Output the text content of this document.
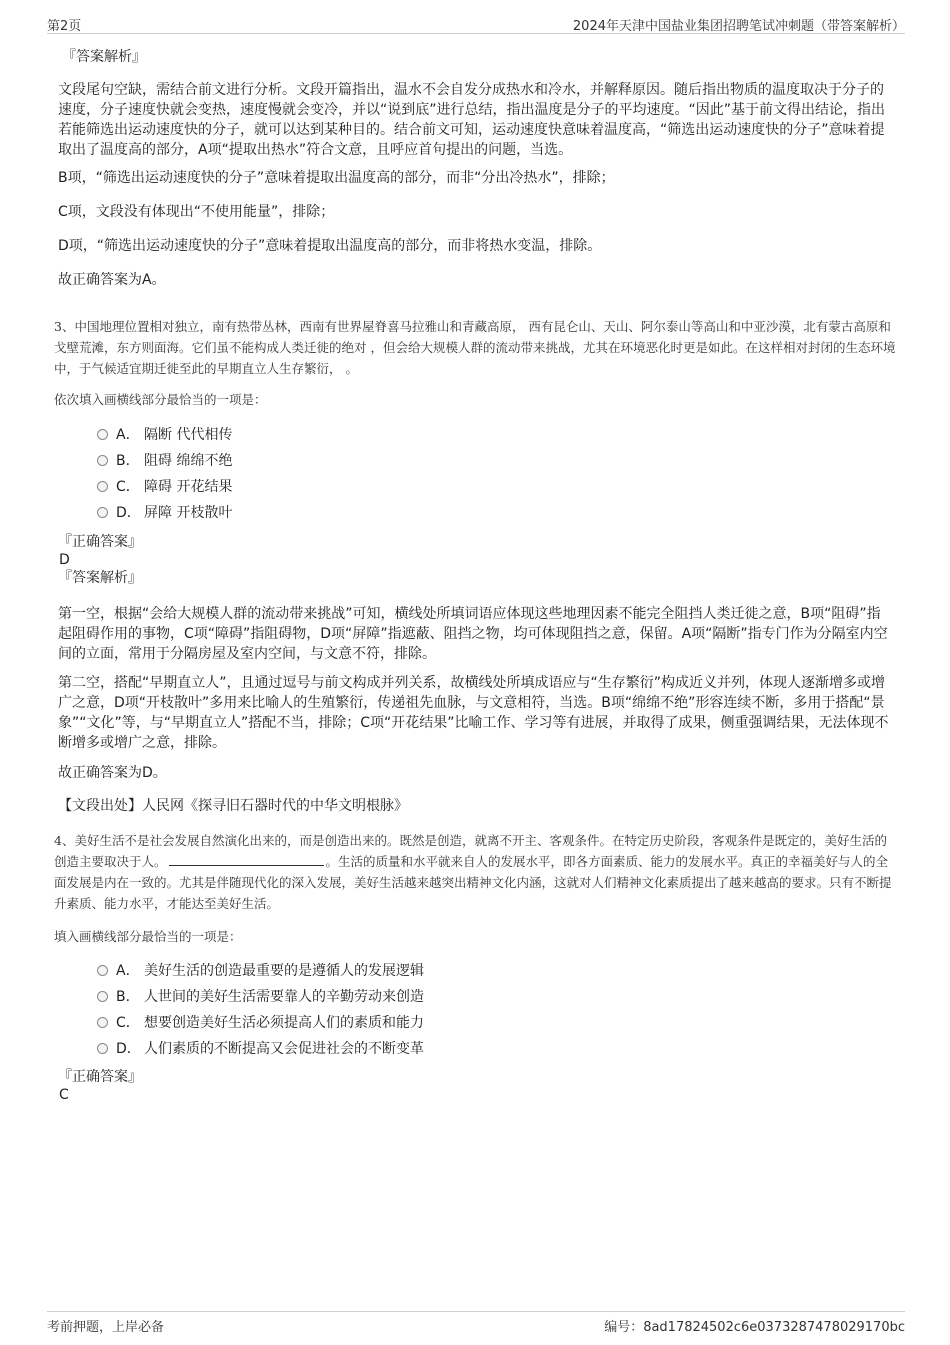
第2页	2024年天津中国盐业集团招聘笔试冲刺题（带答案解析）
『答案解析』

文段尾句空缺，需结合前文进行分析。文段开篇指出，温水不会自发分成热水和冷水，并解释原因。随后指出物质的温度取决于分子的速度，分子速度快就会变热，速度慢就会变冷，并以“说到底”进行总结，指出温度是分子的平均速度。“因此”基于前文得出结论，指出若能筛选出运动速度快的分子，就可以达到某种目的。结合前文可知，运动速度快意味着温度高，“筛选出运动速度快的分子”意味着提取出了温度高的部分，A项“提取出热水”符合文意，且呼应首句提出的问题，当选。

B项，“筛选出运动速度快的分子”意味着提取出温度高的部分，而非“分出冷热水”，排除；

C项，文段没有体现出“不使用能量”，排除；

D项，“筛选出运动速度快的分子”意味着提取出温度高的部分，而非将热水变温，排除。

故正确答案为A。

3、中国地理位置相对独立，南有热带丛林，西南有世界屋脊喜马拉雅山和青藏高原， 西有昆仑山、天山、阿尔泰山等高山和中亚沙漠，北有蒙古高原和戈壁荒滩，东方则面海。它们虽不能构成人类迁徙的绝对 ，但会给大规模人群的流动带来挑战，尤其在环境恶化时更是如此。在这样相对封闭的生态环境中，于气候适宜期迁徙至此的早期直立人生存繁衍， 。

依次填入画横线部分最恰当的一项是：

A． 隔断 代代相传
B． 阻碍 绵绵不绝
C． 障碍 开花结果
D． 屏障 开枝散叶
『正确答案』
D
『答案解析』

第一空，根据“会给大规模人群的流动带来挑战”可知，横线处所填词语应体现这些地理因素不能完全阻挡人类迁徙之意，B项“阻碍”指起阻碍作用的事物，C项“障碍”指阻碍物，D项“屏障”指遮蔽、阻挡之物，均可体现阻挡之意，保留。A项“隔断”指专门作为分隔室内空间的立面，常用于分隔房屋及室内空间，与文意不符，排除。

第二空，搭配“早期直立人”，且通过逗号与前文构成并列关系，故横线处所填成语应与“生存繁衍”构成近义并列，体现人逐渐增多或增广之意，D项“开枝散叶”多用来比喻人的生殖繁衍，传递祖先血脉，与文意相符，当选。B项“绵绵不绝”形容连续不断，多用于搭配“景象”“文化”等，与“早期直立人”搭配不当，排除；C项“开花结果”比喻工作、学习等有进展，并取得了成果，侧重强调结果，无法体现不断增多或增广之意，排除。

故正确答案为D。

【文段出处】人民网《探寻旧石器时代的中华文明根脉》

4、美好生活不是社会发展自然演化出来的，而是创造出来的。既然是创造，就离不开主、客观条件。在特定历史阶段，客观条件是既定的，美好生活的创造主要取决于人。	。生活的质量和水平就来自人的发展水平，即各方面素质、能力的发展水平。真正的幸福美好与人的全面发展是内在一致的。尤其是伴随现代化的深入发展，美好生活越来越突出精神文化内涵，这就对人们精神文化素质提出了越来越高的要求。只有不断提升素质、能力水平，才能达至美好生活。

填入画横线部分最恰当的一项是：

A． 美好生活的创造最重要的是遵循人的发展逻辑
B． 人世间的美好生活需要靠人的辛勤劳动来创造
C． 想要创造美好生活必须提高人们的素质和能力
D． 人们素质的不断提高又会促进社会的不断变革
『正确答案』
C
考前押题，上岸必备	编号：8ad17824502c6e0373287478029170bc
